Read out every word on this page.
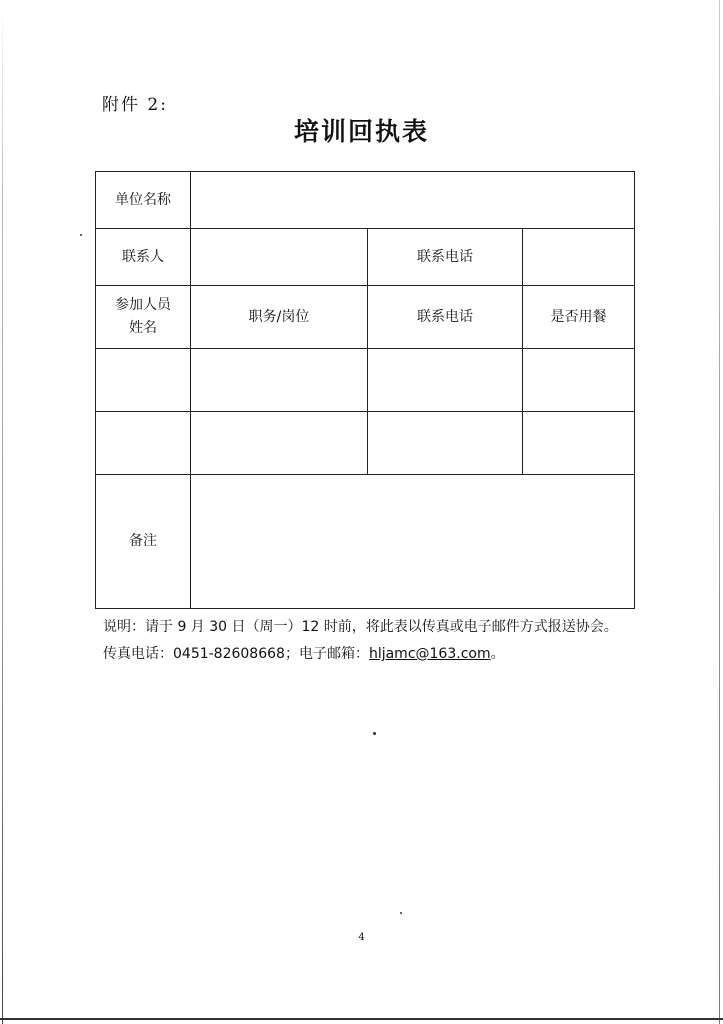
附件 2:
培训回执表
单位名称			
联系人		联系电话	

参加人员
姓名	职务/岗位	联系电话	是否用餐

备注			
说明：请于 9 月 30 日（周一）12 时前，将此表以传真或电子邮件方式报送协会。
传真电话：0451-82608668；电子邮箱：hljamc@163.com。
4
